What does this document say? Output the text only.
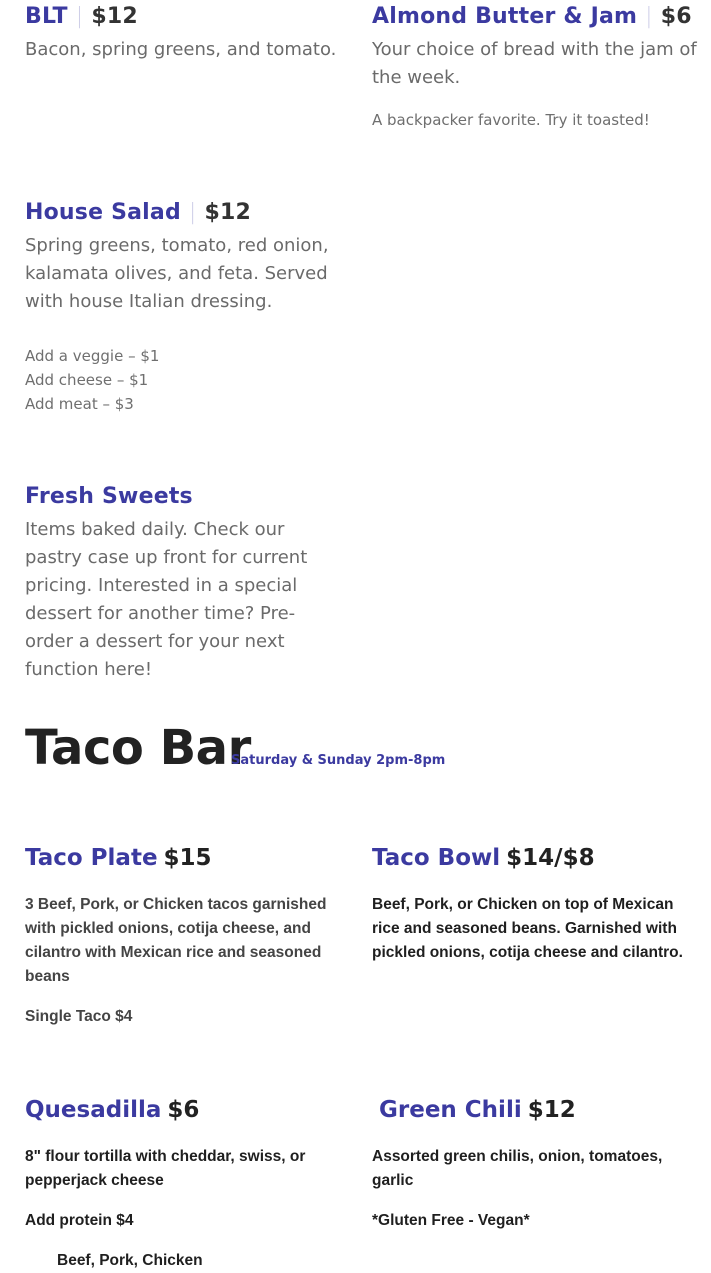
BLT | $12
Bacon, spring greens, and tomato.
Almond Butter & Jam | $6
Your choice of bread with the jam of the week.
A backpacker favorite. Try it toasted!
House Salad | $12
Spring greens, tomato, red onion, kalamata olives, and feta. Served with house Italian dressing.
Add a veggie – $1
Add cheese – $1
Add meat – $3
Fresh Sweets
Items baked daily. Check our pastry case up front for current pricing. Interested in a special dessert for another time? Pre-order a dessert for your next function here!
Taco Bar
Saturday & Sunday 2pm-8pm
Taco Plate $15
3 Beef, Pork, or Chicken tacos garnished with pickled onions, cotija cheese, and cilantro with Mexican rice and seasoned beans
Single Taco $4
Taco Bowl $14/$8
Beef, Pork, or Chicken on top of Mexican rice and seasoned beans. Garnished with pickled onions, cotija cheese and cilantro.
Quesadilla $6
8" flour tortilla with cheddar, swiss, or pepperjack cheese
Add protein $4
Beef, Pork, Chicken
Green Chili $12
Assorted green chilis, onion, tomatoes, garlic
*Gluten Free - Vegan*
